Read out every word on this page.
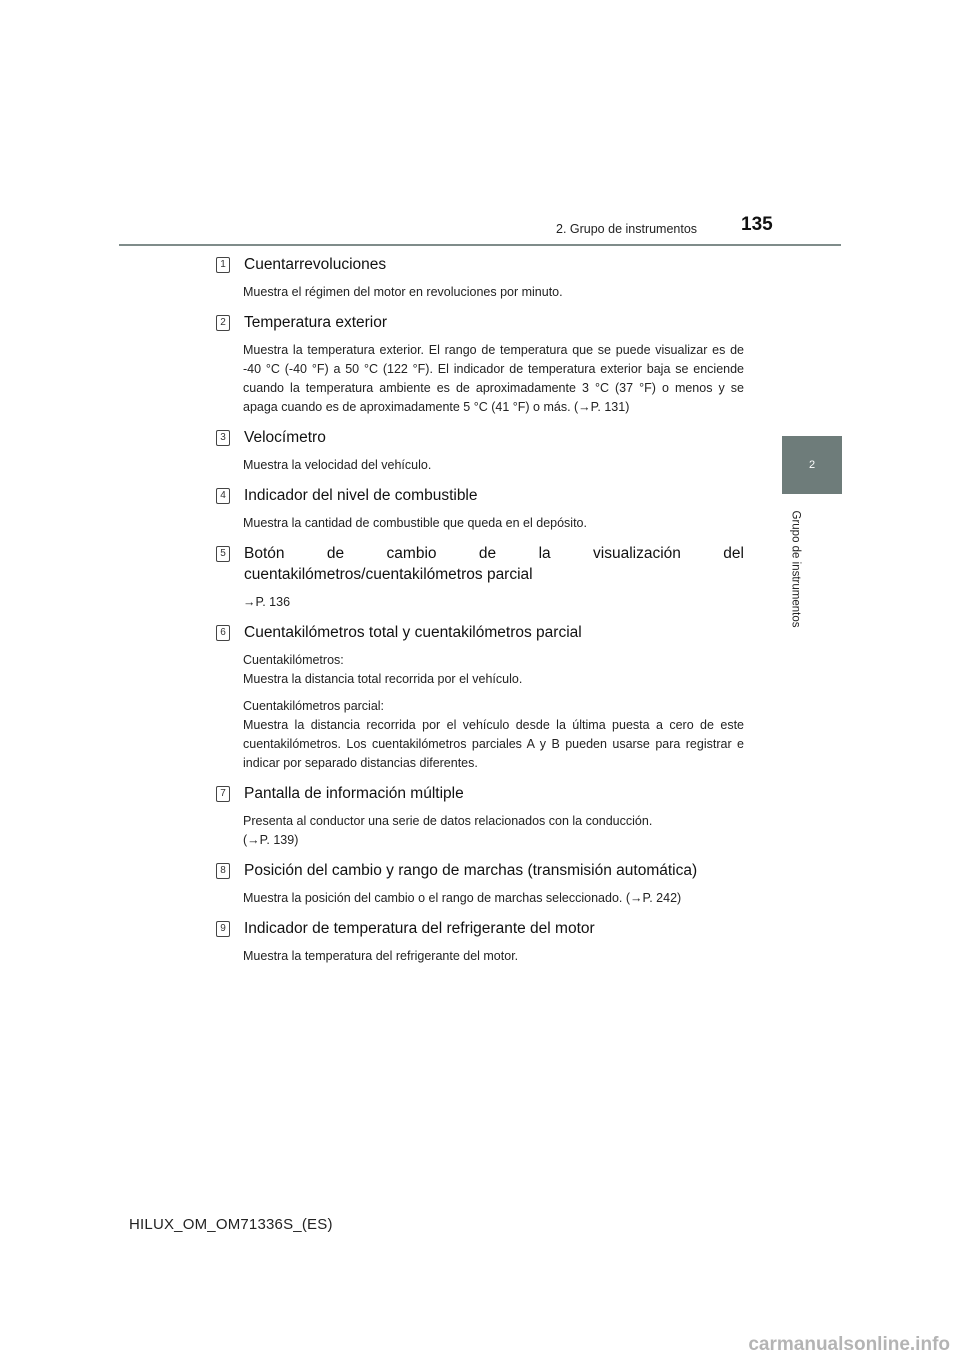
2. Grupo de instrumentos 135
2
Grupo de instrumentos
1 Cuentarrevoluciones
Muestra el régimen del motor en revoluciones por minuto.
2 Temperatura exterior
Muestra la temperatura exterior. El rango de temperatura que se puede visualizar es de -40 °C (-40 °F) a 50 °C (122 °F). El indicador de temperatura exterior baja se enciende cuando la temperatura ambiente es de aproximadamente 3 °C (37 °F) o menos y se apaga cuando es de aproximadamente 5 °C (41 °F) o más. (→P. 131)
3 Velocímetro
Muestra la velocidad del vehículo.
4 Indicador del nivel de combustible
Muestra la cantidad de combustible que queda en el depósito.
5 Botón de cambio de la visualización del cuentakilómetros/cuentakilómetros parcial
→P. 136
6 Cuentakilómetros total y cuentakilómetros parcial
Cuentakilómetros:
Muestra la distancia total recorrida por el vehículo.
Cuentakilómetros parcial:
Muestra la distancia recorrida por el vehículo desde la última puesta a cero de este cuentakilómetros. Los cuentakilómetros parciales A y B pueden usarse para registrar e indicar por separado distancias diferentes.
7 Pantalla de información múltiple
Presenta al conductor una serie de datos relacionados con la conducción.
(→P. 139)
8 Posición del cambio y rango de marchas (transmisión automática)
Muestra la posición del cambio o el rango de marchas seleccionado. (→P. 242)
9 Indicador de temperatura del refrigerante del motor
Muestra la temperatura del refrigerante del motor.
HILUX_OM_OM71336S_(ES)
carmanualsonline.info
